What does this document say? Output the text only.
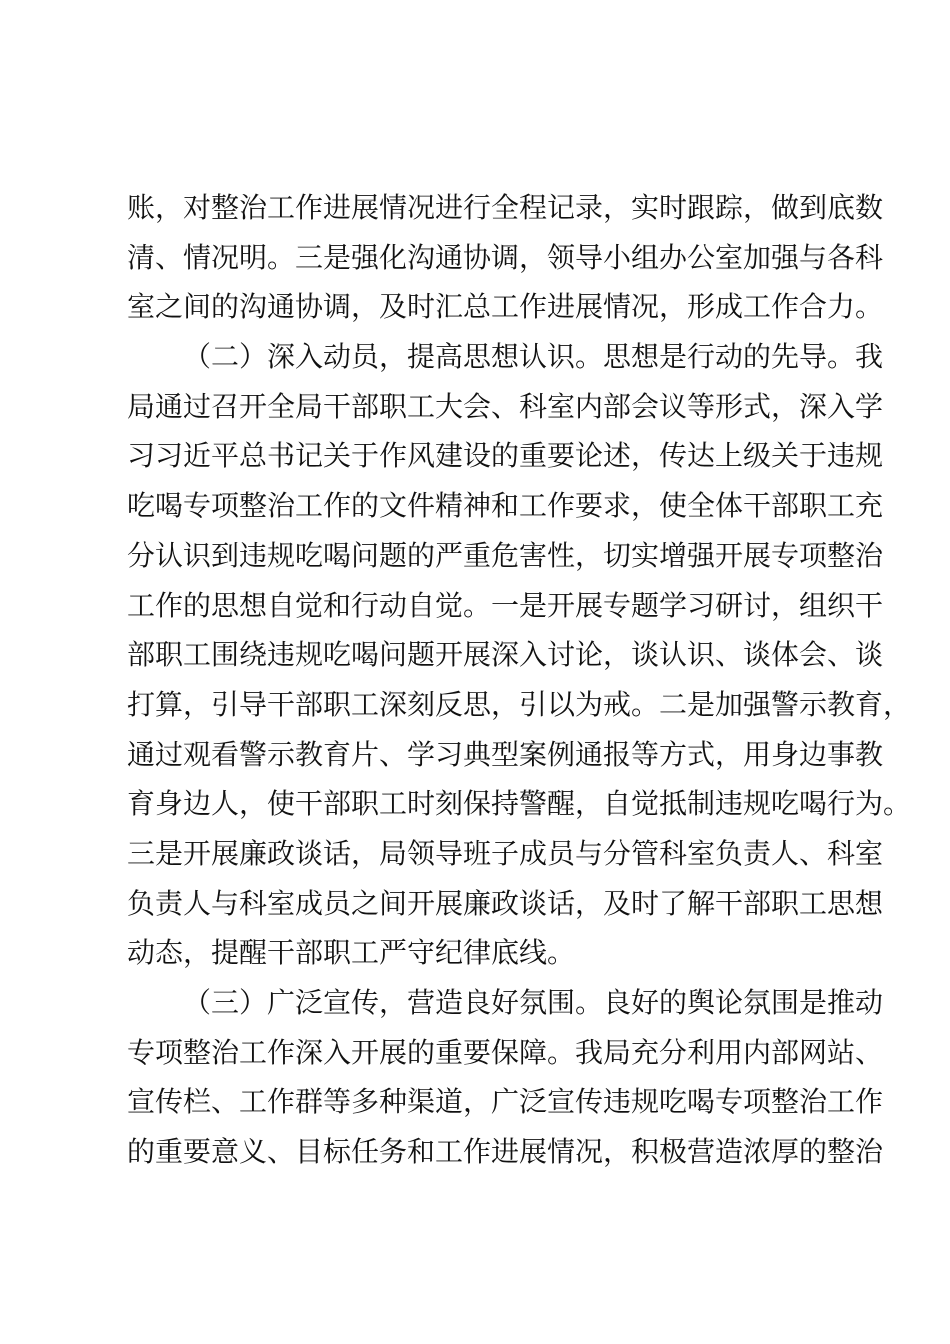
账，对整治工作进展情况进行全程记录，实时跟踪，做到底数
清、情况明。三是强化沟通协调，领导小组办公室加强与各科
室之间的沟通协调，及时汇总工作进展情况，形成工作合力。
（二）深入动员，提高思想认识。思想是行动的先导。我
局通过召开全局干部职工大会、科室内部会议等形式，深入学
习习近平总书记关于作风建设的重要论述，传达上级关于违规
吃喝专项整治工作的文件精神和工作要求，使全体干部职工充
分认识到违规吃喝问题的严重危害性，切实增强开展专项整治
工作的思想自觉和行动自觉。一是开展专题学习研讨，组织干
部职工围绕违规吃喝问题开展深入讨论，谈认识、谈体会、谈
打算，引导干部职工深刻反思，引以为戒。二是加强警示教育，
通过观看警示教育片、学习典型案例通报等方式，用身边事教
育身边人，使干部职工时刻保持警醒，自觉抵制违规吃喝行为。
三是开展廉政谈话，局领导班子成员与分管科室负责人、科室
负责人与科室成员之间开展廉政谈话，及时了解干部职工思想
动态，提醒干部职工严守纪律底线。
（三）广泛宣传，营造良好氛围。良好的舆论氛围是推动
专项整治工作深入开展的重要保障。我局充分利用内部网站、
宣传栏、工作群等多种渠道，广泛宣传违规吃喝专项整治工作
的重要意义、目标任务和工作进展情况，积极营造浓厚的整治
